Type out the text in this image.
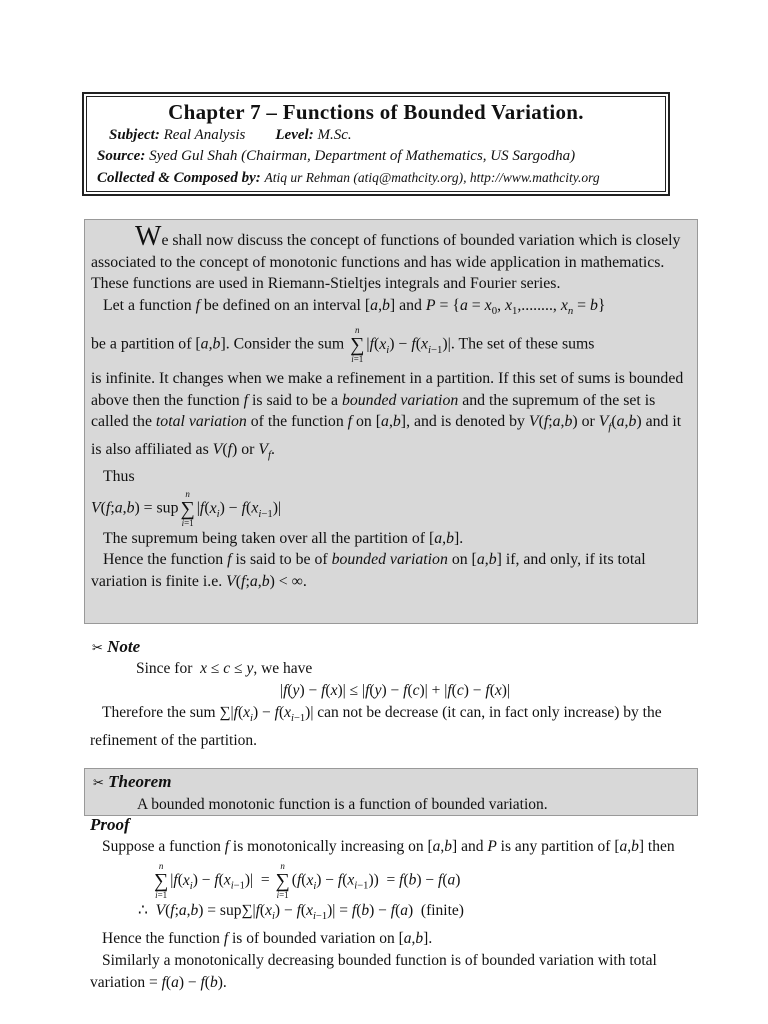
Chapter 7 – Functions of Bounded Variation.

Subject: Real Analysis Level: M.Sc.

Source: Syed Gul Shah (Chairman, Department of Mathematics, US Sargodha)

Collected & Composed by: Atiq ur Rehman (atiq@mathcity.org), http://www.mathcity.org

We shall now discuss the concept of functions of bounded variation which is closely associated to the concept of monotonic functions and has wide application in mathematics. These functions are used in Riemann-Stieltjes integrals and Fourier series.

Let a function f be defined on an interval [a,b] and $P = \{a = x_0$, $x_1$,........, $x_n = b$}

be a partition of [a,b]. Consider the sum n
∑
$i=1|f(x_i) - f(x_{i-1})|$. The set of these sums

is infinite. It changes when we make a refinement in a partition. If this set of sums is bounded above then the function f is said to be a bounded variation and the supremum of the set is called the total variation of the function f on [a,b], and is denoted by V(f;a,b) or $V_f(a,b)$ and it is also affiliated as V(f) or $V_f$.

Thus

V(f;a,b) = supn
∑
$i=1|f(x_i) - f(x_{i-1})|$

The supremum being taken over all the partition of [a,b].

Hence the function f is said to be of bounded variation on [a,b] if, and only, if its total variation is finite i.e. V(f;a,b) < ∞.

✂ Note

Since for x ≤ c ≤ y, we have

|f(y) − f(x)| ≤ |f(y) − f(c)| + |f(c) − f(x)|

Therefore the sum $\sum|f(x_i) - f(x_{i-1})|$ can not be decrease (it can, in fact only increase) by the refinement of the partition.

✂ Theorem
A bounded monotonic function is a function of bounded variation.
Proof

Suppose a function f is monotonically increasing on [a,b] and P is any partition of [a,b] then

n
∑
$i=1|f(x_i) - f(x_{i-1})| = n$
∑
$i=1(f(x_i) - f(x_{i-1})) = f(b) - f(a)$

∴  V(f;a,b) = $sup\sum|f(x_i) - f(x_{i-1})| = f(b) - f(a)$  (finite)

Hence the function f is of bounded variation on [a,b].

Similarly a monotonically decreasing bounded function is of bounded variation with total variation = f(a) − f(b).
